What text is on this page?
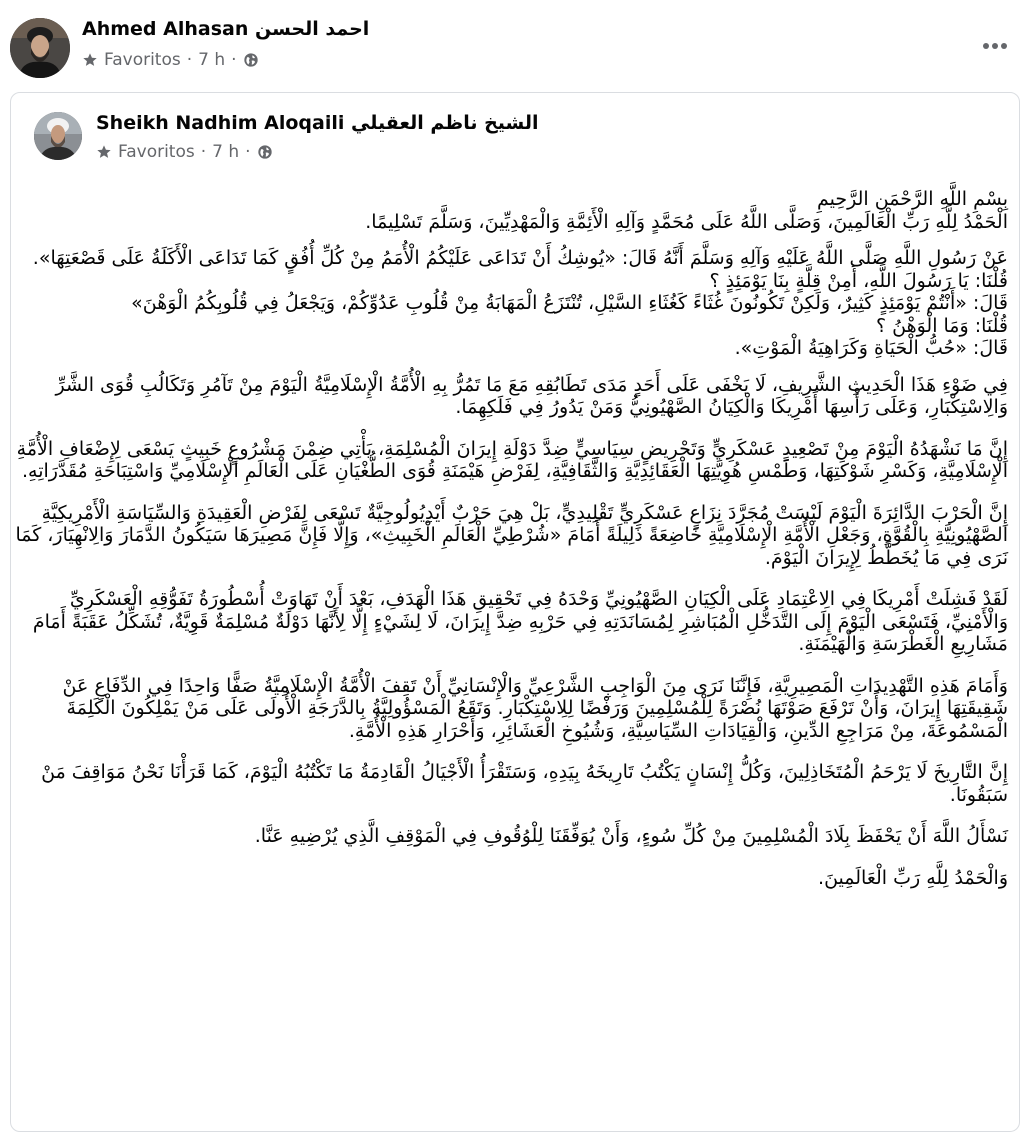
Ahmed Alhasan احمد الحسن
Favoritos · 7 h ·
Sheikh Nadhim Aloqaili الشيخ ناظم العقيلي
Favoritos · 7 h ·

بِسْمِ اللَّهِ الرَّحْمَنِ الرَّحِيمِ

الْحَمْدُ لِلَّهِ رَبِّ الْعَالَمِينَ، وَصَلَّى اللَّهُ عَلَى مُحَمَّدٍ وَآلِهِ الْأَئِمَّةِ وَالْمَهْدِيِّينَ، وَسَلَّمَ تَسْلِيمًا.

عَنْ رَسُولِ اللَّهِ صَلَّى اللَّهُ عَلَيْهِ وَآلِهِ وَسَلَّمَ أَنَّهُ قَالَ: «يُوشِكُ أَنْ تَدَاعَى عَلَيْكُمُ الْأُمَمُ مِنْ كُلِّ أُفُقٍ كَمَا تَدَاعَى الْأَكَلَةُ عَلَى قَصْعَتِهَا».

قُلْنَا: يَا رَسُولَ اللَّهِ، أَمِنْ قِلَّةٍ بِنَا يَوْمَئِذٍ ؟

قَالَ: «أَنْتُمْ يَوْمَئِذٍ كَثِيرٌ، وَلَكِنْ تَكُونُونَ غُثَاءً كَغُثَاءِ السَّيْلِ، تُنْتَزَعُ الْمَهَابَةُ مِنْ قُلُوبِ عَدُوِّكُمْ، وَيَجْعَلُ فِي قُلُوبِكُمُ الْوَهْنَ»

قُلْنَا: وَمَا الْوَهْنُ ؟

قَالَ: «حُبُّ الْحَيَاةِ وَكَرَاهِيَةُ الْمَوْتِ».

فِي ضَوْءِ هَذَا الْحَدِيثِ الشَّرِيفِ، لَا يَخْفَى عَلَى أَحَدٍ مَدَى تَطَابُقِهِ مَعَ مَا تَمُرُّ بِهِ الْأُمَّةُ الْإِسْلَامِيَّةُ الْيَوْمَ مِنْ تَآمُرِ وَتَكَالُبِ قُوَى الشَّرِّ وَالِاسْتِكْبَارِ، وَعَلَى رَأْسِهَا أَمْرِيكَا وَالْكِيَانُ الصَّهْيُونِيُّ وَمَنْ يَدُورُ فِي فَلَكِهِمَا.

إِنَّ مَا نَشْهَدُهُ الْيَوْمَ مِنْ تَصْعِيدٍ عَسْكَرِيٍّ وَتَحْرِيضٍ سِيَاسِيٍّ ضِدَّ دَوْلَةِ إِيرَانَ الْمُسْلِمَةِ، يَأْتِي ضِمْنَ مَشْرُوعٍ خَبِيثٍ يَسْعَى لِإِضْعَافِ الْأُمَّةِ الْإِسْلَامِيَّةِ، وَكَسْرِ شَوْكَتِهَا، وَطَمْسِ هُوِيَّتِهَا الْعَقَائِدِيَّةِ وَالثَّقَافِيَّةِ، لِفَرْضِ هَيْمَنَةِ قُوَى الطُّغْيَانِ عَلَى الْعَالَمِ الْإِسْلَامِيِّ وَاسْتِبَاحَةِ مُقَدَّرَاتِهِ.

إِنَّ الْحَرْبَ الدَّائِرَةَ الْيَوْمَ لَيْسَتْ مُجَرَّدَ نِزَاعٍ عَسْكَرِيٍّ تَقْلِيدِيٍّ، بَلْ هِيَ حَرْبٌ أَيْدِيُولُوجِيَّةٌ تَسْعَى لِفَرْضِ الْعَقِيدَةِ وَالسِّيَاسَةِ الْأَمْرِيكِيَّةِ الصَّهْيُونِيَّةِ بِالْقُوَّةِ، وَجَعْلِ الْأُمَّةِ الْإِسْلَامِيَّةِ خَاضِعَةً ذَلِيلَةً أَمَامَ «شُرْطِيِّ الْعَالَمِ الْخَبِيثِ»، وَإِلَّا فَإِنَّ مَصِيرَهَا سَيَكُونُ الدَّمَارَ وَالِانْهِيَارَ، كَمَا نَرَى فِي مَا يُخَطَّطُ لِإِيرَانَ الْيَوْمَ.

لَقَدْ فَشِلَتْ أَمْرِيكَا فِي الِاعْتِمَادِ عَلَى الْكِيَانِ الصَّهْيُونِيِّ وَحْدَهُ فِي تَحْقِيقِ هَذَا الْهَدَفِ، بَعْدَ أَنْ تَهَاوَتْ أُسْطُورَةُ تَفَوُّقِهِ الْعَسْكَرِيِّ وَالْأَمْنِيِّ، فَتَسْعَى الْيَوْمَ إِلَى التَّدَخُّلِ الْمُبَاشِرِ لِمُسَانَدَتِهِ فِي حَرْبِهِ ضِدَّ إِيرَانَ، لَا لِشَيْءٍ إِلَّا لِأَنَّهَا دَوْلَةٌ مُسْلِمَةٌ قَوِيَّةٌ، تُشَكِّلُ عَقَبَةً أَمَامَ مَشَارِيعِ الْغَطْرَسَةِ وَالْهَيْمَنَةِ.

وَأَمَامَ هَذِهِ التَّهْدِيدَاتِ الْمَصِيرِيَّةِ، فَإِنَّنَا نَرَى مِنَ الْوَاجِبِ الشَّرْعِيِّ وَالْإِنْسَانِيِّ أَنْ تَقِفَ الْأُمَّةُ الْإِسْلَامِيَّةُ صَفًّا وَاحِدًا فِي الدِّفَاعِ عَنْ شَقِيقَتِهَا إِيرَانَ، وَأَنْ تَرْفَعَ صَوْتَهَا نُصْرَةً لِلْمُسْلِمِينَ وَرَفْضًا لِلِاسْتِكْبَارِ. وَتَقَعُ الْمَسْؤُولِيَّةُ بِالدَّرَجَةِ الْأُولَى عَلَى مَنْ يَمْلِكُونَ الْكَلِمَةَ الْمَسْمُوعَةَ، مِنْ مَرَاجِعِ الدِّينِ، وَالْقِيَادَاتِ السِّيَاسِيَّةِ، وَشُيُوخِ الْعَشَائِرِ، وَأَحْرَارِ هَذِهِ الْأُمَّةِ.

إِنَّ التَّارِيخَ لَا يَرْحَمُ الْمُتَخَاذِلِينَ، وَكُلُّ إِنْسَانٍ يَكْتُبُ تَارِيخَهُ بِيَدِهِ، وَسَتَقْرَأُ الْأَجْيَالُ الْقَادِمَةُ مَا تَكْتُبُهُ الْيَوْمَ، كَمَا قَرَأْنَا نَحْنُ مَوَاقِفَ مَنْ سَبَقُونَا.

نَسْأَلُ اللَّهَ أَنْ يَحْفَظَ بِلَادَ الْمُسْلِمِينَ مِنْ كُلِّ سُوءٍ، وَأَنْ يُوَفِّقَنَا لِلْوُقُوفِ فِي الْمَوْقِفِ الَّذِي يُرْضِيهِ عَنَّا.

وَالْحَمْدُ لِلَّهِ رَبِّ الْعَالَمِينَ.
